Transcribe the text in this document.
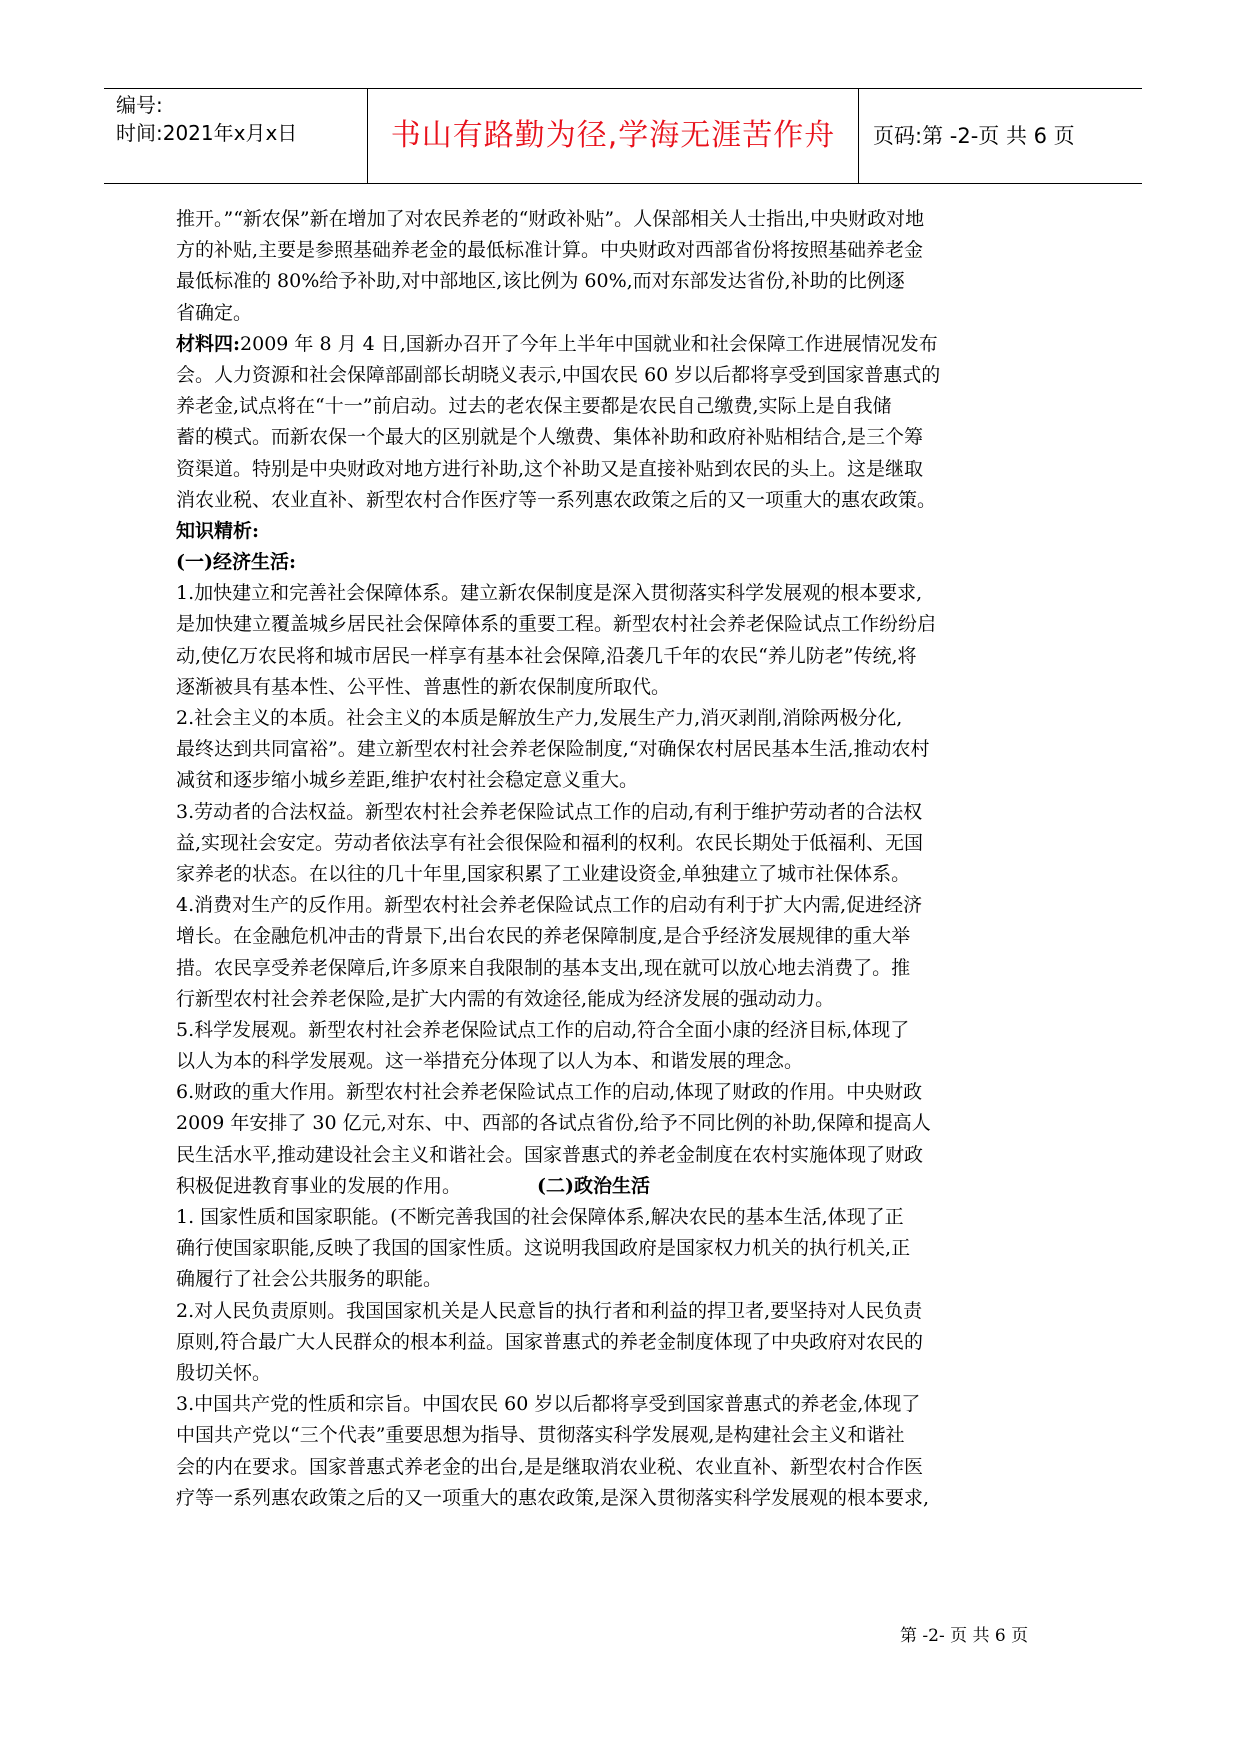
编号:
时间:2021年x月x日	书山有路勤为径,学海无涯苦作舟	页码:第 -2-页 共 6 页
推开。”“新农保”新在增加了对农民养老的“财政补贴”。人保部相关人士指出,中央财政对地
方的补贴,主要是参照基础养老金的最低标准计算。中央财政对西部省份将按照基础养老金
最低标准的 80%给予补助,对中部地区,该比例为 60%,而对东部发达省份,补助的比例逐
省确定。
材料四:2009 年 8 月 4 日,国新办召开了今年上半年中国就业和社会保障工作进展情况发布
会。人力资源和社会保障部副部长胡晓义表示,中国农民 60 岁以后都将享受到国家普惠式的
养老金,试点将在“十一”前启动。过去的老农保主要都是农民自己缴费,实际上是自我储
蓄的模式。而新农保一个最大的区别就是个人缴费、集体补助和政府补贴相结合,是三个筹
资渠道。特别是中央财政对地方进行补助,这个补助又是直接补贴到农民的头上。这是继取
消农业税、农业直补、新型农村合作医疗等一系列惠农政策之后的又一项重大的惠农政策。
知识精析:
(一)经济生活:
1.加快建立和完善社会保障体系。建立新农保制度是深入贯彻落实科学发展观的根本要求,
是加快建立覆盖城乡居民社会保障体系的重要工程。新型农村社会养老保险试点工作纷纷启
动,使亿万农民将和城市居民一样享有基本社会保障,沿袭几千年的农民“养儿防老”传统,将
逐渐被具有基本性、公平性、普惠性的新农保制度所取代。
2.社会主义的本质。社会主义的本质是解放生产力,发展生产力,消灭剥削,消除两极分化,
最终达到共同富裕”。建立新型农村社会养老保险制度,“对确保农村居民基本生活,推动农村
减贫和逐步缩小城乡差距,维护农村社会稳定意义重大。
3.劳动者的合法权益。新型农村社会养老保险试点工作的启动,有利于维护劳动者的合法权
益,实现社会安定。劳动者依法享有社会很保险和福利的权利。农民长期处于低福利、无国
家养老的状态。在以往的几十年里,国家积累了工业建设资金,单独建立了城市社保体系。
4.消费对生产的反作用。新型农村社会养老保险试点工作的启动有利于扩大内需,促进经济
增长。在金融危机冲击的背景下,出台农民的养老保障制度,是合乎经济发展规律的重大举
措。农民享受养老保障后,许多原来自我限制的基本支出,现在就可以放心地去消费了。推
行新型农村社会养老保险,是扩大内需的有效途径,能成为经济发展的强动动力。
5.科学发展观。新型农村社会养老保险试点工作的启动,符合全面小康的经济目标,体现了
以人为本的科学发展观。这一举措充分体现了以人为本、和谐发展的理念。
6.财政的重大作用。新型农村社会养老保险试点工作的启动,体现了财政的作用。中央财政
2009 年安排了 30 亿元,对东、中、西部的各试点省份,给予不同比例的补助,保障和提高人
民生活水平,推动建设社会主义和谐社会。国家普惠式的养老金制度在农村实施体现了财政
积极促进教育事业的发展的作用。	(二)政治生活
1. 国家性质和国家职能。(不断完善我国的社会保障体系,解决农民的基本生活,体现了正
确行使国家职能,反映了我国的国家性质。这说明我国政府是国家权力机关的执行机关,正
确履行了社会公共服务的职能。
2.对人民负责原则。我国国家机关是人民意旨的执行者和利益的捍卫者,要坚持对人民负责
原则,符合最广大人民群众的根本利益。国家普惠式的养老金制度体现了中央政府对农民的
殷切关怀。
3.中国共产党的性质和宗旨。中国农民 60 岁以后都将享受到国家普惠式的养老金,体现了
中国共产党以“三个代表”重要思想为指导、贯彻落实科学发展观,是构建社会主义和谐社
会的内在要求。国家普惠式养老金的出台,是是继取消农业税、农业直补、新型农村合作医
疗等一系列惠农政策之后的又一项重大的惠农政策,是深入贯彻落实科学发展观的根本要求,
第 -2- 页 共 6 页
